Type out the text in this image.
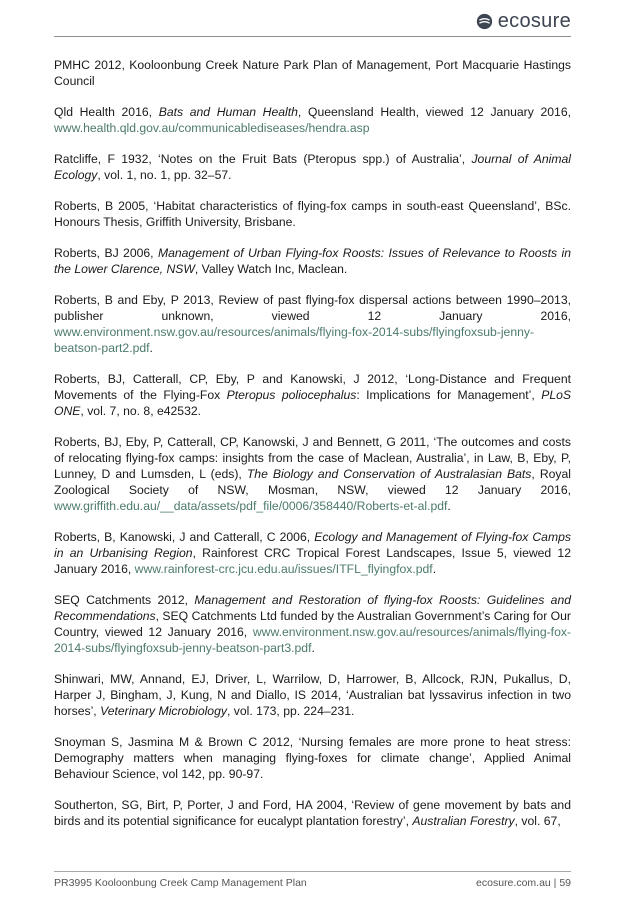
ecosure

PMHC 2012, Kooloonbung Creek Nature Park Plan of Management, Port Macquarie Hastings Council

Qld Health 2016, Bats and Human Health, Queensland Health, viewed 12 January 2016, www.health.qld.gov.au/communicablediseases/hendra.asp

Ratcliffe, F 1932, ‘Notes on the Fruit Bats (Pteropus spp.) of Australia’, Journal of Animal Ecology, vol. 1, no. 1, pp. 32–57.

Roberts, B 2005, ‘Habitat characteristics of flying-fox camps in south-east Queensland’, BSc. Honours Thesis, Griffith University, Brisbane.

Roberts, BJ 2006, Management of Urban Flying-fox Roosts: Issues of Relevance to Roosts in the Lower Clarence, NSW, Valley Watch Inc, Maclean.

Roberts, B and Eby, P 2013, Review of past flying-fox dispersal actions between 1990–2013, publisher unknown, viewed 12 January 2016, www.environment.nsw.gov.au/resources/animals/flying-fox-2014-subs/flyingfoxsub-jenny-beatson-part2.pdf.

Roberts, BJ, Catterall, CP, Eby, P and Kanowski, J 2012, ‘Long-Distance and Frequent Movements of the Flying-Fox Pteropus poliocephalus: Implications for Management’, PLoS ONE, vol. 7, no. 8, e42532.

Roberts, BJ, Eby, P, Catterall, CP, Kanowski, J and Bennett, G 2011, ‘The outcomes and costs of relocating flying-fox camps: insights from the case of Maclean, Australia’, in Law, B, Eby, P, Lunney, D and Lumsden, L (eds), The Biology and Conservation of Australasian Bats, Royal Zoological Society of NSW, Mosman, NSW, viewed 12 January 2016, www.griffith.edu.au/__data/assets/pdf_file/0006/358440/Roberts-et-al.pdf.

Roberts, B, Kanowski, J and Catterall, C 2006, Ecology and Management of Flying-fox Camps in an Urbanising Region, Rainforest CRC Tropical Forest Landscapes, Issue 5, viewed 12 January 2016, www.rainforest-crc.jcu.edu.au/issues/ITFL_flyingfox.pdf.

SEQ Catchments 2012, Management and Restoration of flying-fox Roosts: Guidelines and Recommendations, SEQ Catchments Ltd funded by the Australian Government’s Caring for Our Country, viewed 12 January 2016, www.environment.nsw.gov.au/resources/animals/flying-fox-2014-subs/flyingfoxsub-jenny-beatson-part3.pdf.

Shinwari, MW, Annand, EJ, Driver, L, Warrilow, D, Harrower, B, Allcock, RJN, Pukallus, D, Harper J, Bingham, J, Kung, N and Diallo, IS 2014, ‘Australian bat lyssavirus infection in two horses’, Veterinary Microbiology, vol. 173, pp. 224–231.

Snoyman S, Jasmina M & Brown C 2012, ‘Nursing females are more prone to heat stress: Demography matters when managing flying-foxes for climate change’, Applied Animal Behaviour Science, vol 142, pp. 90-97.

Southerton, SG, Birt, P, Porter, J and Ford, HA 2004, ‘Review of gene movement by bats and birds and its potential significance for eucalypt plantation forestry’, Australian Forestry, vol. 67,

PR3995 Kooloonbung Creek Camp Management Plan	ecosure.com.au | 59
